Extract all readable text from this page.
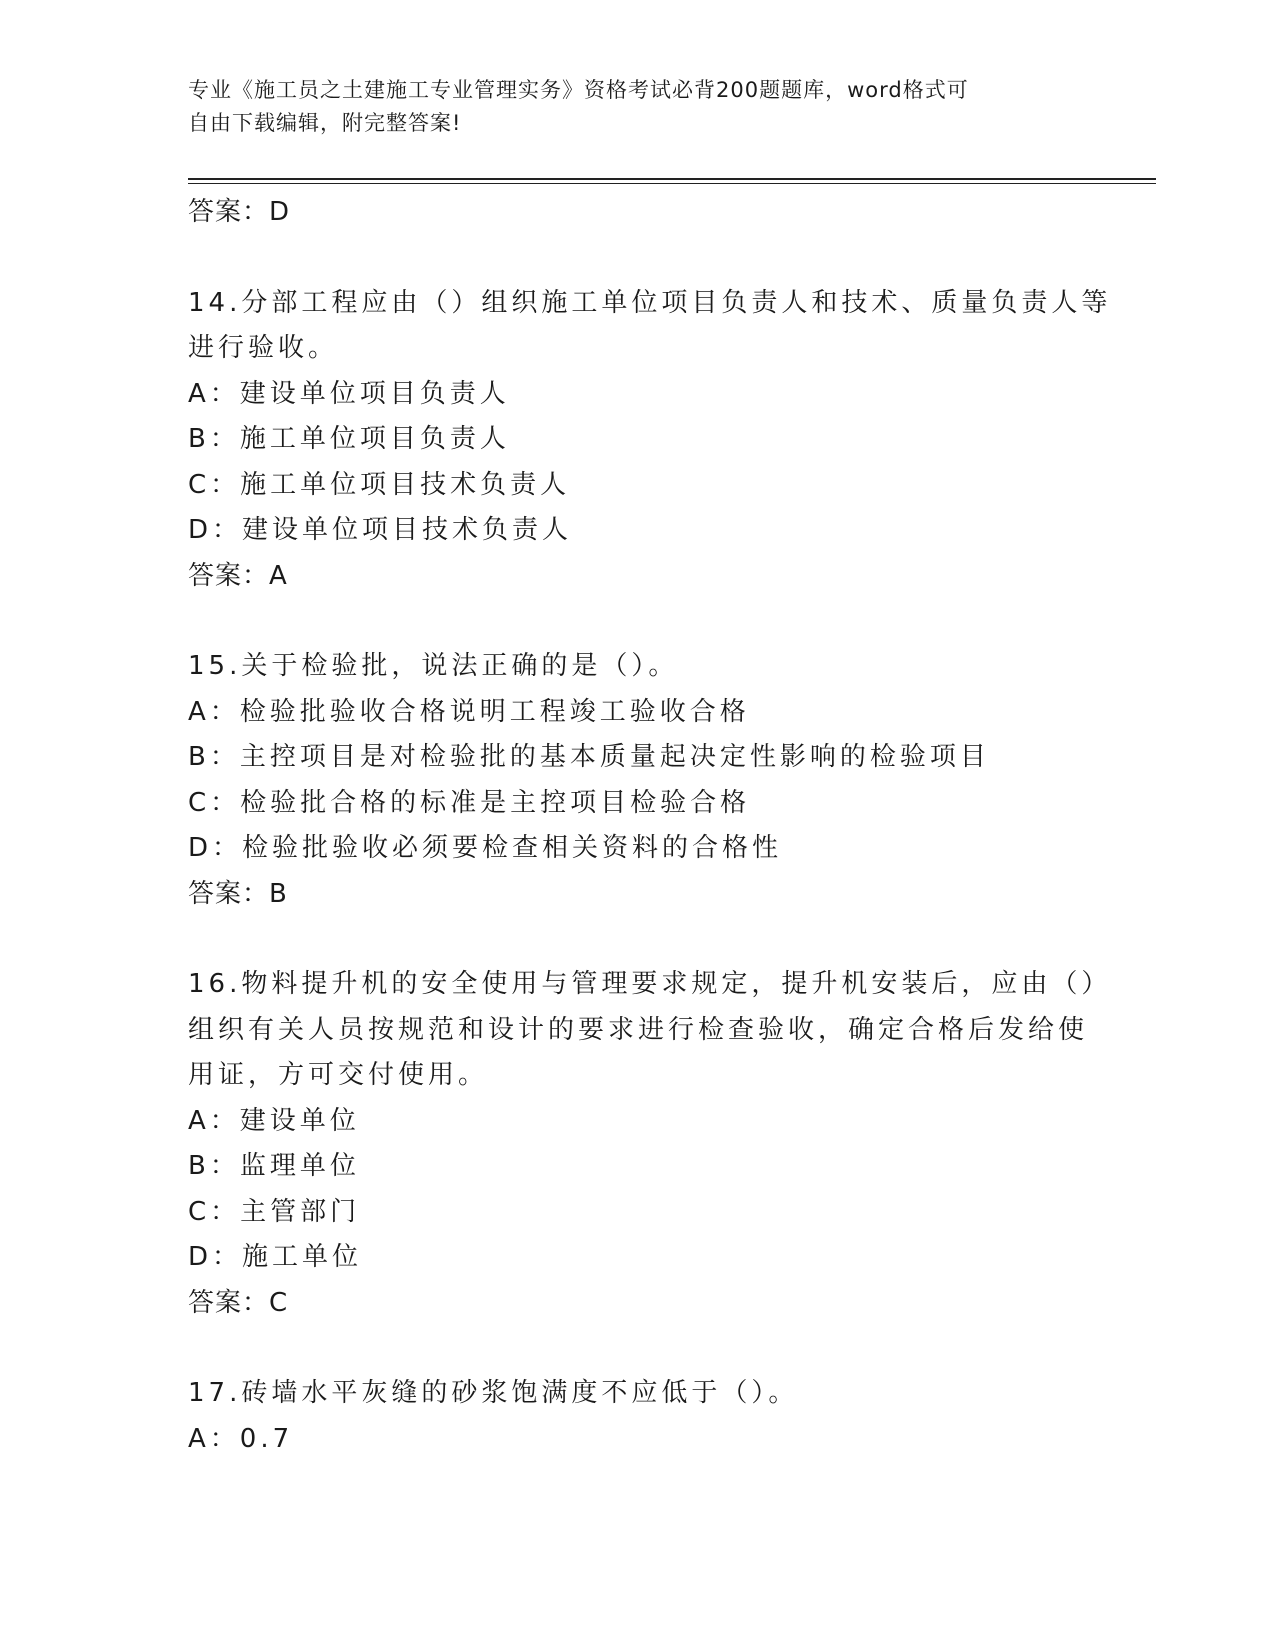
专业《施工员之土建施工专业管理实务》资格考试必背200题题库，word格式可
自由下载编辑，附完整答案!
答案：D
14.分部工程应由（）组织施工单位项目负责人和技术、质量负责人等
进行验收。
A：建设单位项目负责人
B：施工单位项目负责人
C：施工单位项目技术负责人
D：建设单位项目技术负责人
答案：A
15.关于检验批，说法正确的是（）。
A：检验批验收合格说明工程竣工验收合格
B：主控项目是对检验批的基本质量起决定性影响的检验项目
C：检验批合格的标准是主控项目检验合格
D：检验批验收必须要检查相关资料的合格性
答案：B
16.物料提升机的安全使用与管理要求规定，提升机安装后，应由（）
组织有关人员按规范和设计的要求进行检查验收，确定合格后发给使
用证，方可交付使用。
A：建设单位
B：监理单位
C：主管部门
D：施工单位
答案：C
17.砖墙水平灰缝的砂浆饱满度不应低于（）。
A：0.7
